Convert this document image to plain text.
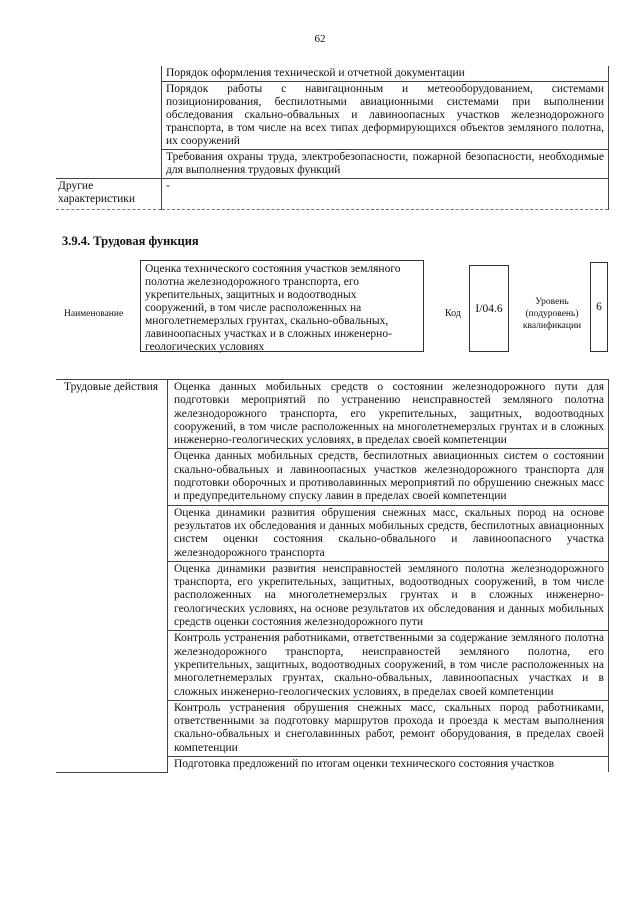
62
	Порядок оформления технической и отчетной документации
	Порядок работы с навигационным и метеооборудованием, системами позиционирования, беспилотными авиационными системами при выполнении обследования скально-обвальных и лавиноопасных участков железнодорожного транспорта, в том числе на всех типах деформирующихся объектов земляного полотна, их сооружений
	Требования охраны труда, электробезопасности, пожарной безопасности, необходимые для выполнения трудовых функций
Другие характеристики	-
3.9.4. Трудовая функция
Наименование
Оценка технического состояния участков земляного полотна железнодорожного транспорта, его укрепительных, защитных и водоотводных сооружений, в том числе расположенных на многолетнемерзлых грунтах, скально-обвальных, лавиноопасных участках и в сложных инженерно-геологических условиях
Код	I/04.6
Уровень (подуровень) квалификации
6
Трудовые действия	Оценка данных мобильных средств о состоянии железнодорожного пути для подготовки мероприятий по устранению неисправностей земляного полотна железнодорожного транспорта, его укрепительных, защитных, водоотводных сооружений, в том числе расположенных на многолетнемерзлых грунтах и в сложных инженерно-геологических условиях, в пределах своей компетенции
Оценка данных мобильных средств, беспилотных авиационных систем о состоянии скально-обвальных и лавиноопасных участков железнодорожного транспорта для подготовки оборочных и противолавинных мероприятий по обрушению снежных масс и предупредительному спуску лавин в пределах своей компетенции
Оценка динамики развития обрушения снежных масс, скальных пород на основе результатов их обследования и данных мобильных средств, беспилотных авиационных систем оценки состояния скально-обвального и лавиноопасного участка железнодорожного транспорта
Оценка динамики развития неисправностей земляного полотна железнодорожного транспорта, его укрепительных, защитных, водоотводных сооружений, в том числе расположенных на многолетнемерзлых грунтах и в сложных инженерно-геологических условиях, на основе результатов их обследования и данных мобильных средств оценки состояния железнодорожного пути
Контроль устранения работниками, ответственными за содержание земляного полотна железнодорожного транспорта, неисправностей земляного полотна, его укрепительных, защитных, водоотводных сооружений, в том числе расположенных на многолетнемерзлых грунтах, скально-обвальных, лавиноопасных участках и в сложных инженерно-геологических условиях, в пределах своей компетенции
Контроль устранения обрушения снежных масс, скальных пород работниками, ответственными за подготовку маршрутов прохода и проезда к местам выполнения скально-обвальных и снеголавинных работ, ремонт оборудования, в пределах своей компетенции
Подготовка предложений по итогам оценки технического состояния участков
